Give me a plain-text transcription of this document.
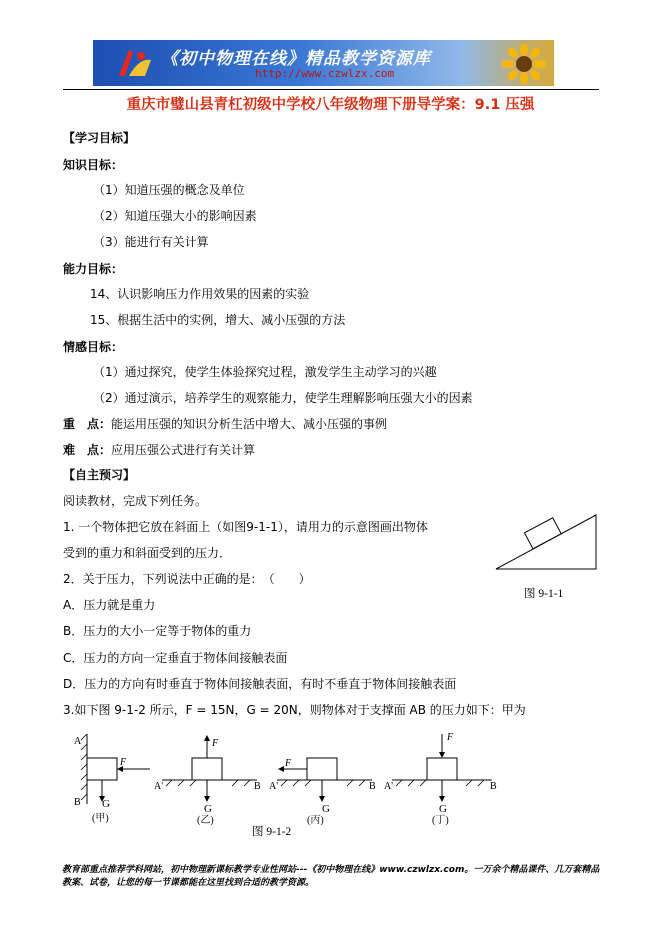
《初中物理在线》精品教学资源库
http://www.czwlzx.com
重庆市璧山县青杠初级中学校八年级物理下册导学案：9.1 压强
【学习目标】
知识目标：
（1）知道压强的概念及单位
（2）知道压强大小的影响因素
（3）能进行有关计算
能力目标：
14、认识影响压力作用效果的因素的实验
15、根据生活中的实例，增大、减小压强的方法
情感目标：
（1）通过探究，使学生体验探究过程，激发学生主动学习的兴趣
（2）通过演示，培养学生的观察能力，使学生理解影响压强大小的因素
重　点：能运用压强的知识分析生活中增大、减小压强的事例
难　点：应用压强公式进行有关计算
【自主预习】
阅读教材，完成下列任务。
1. 一个物体把它放在斜面上（如图9-1-1），请用力的示意图画出物体
受到的重力和斜面受到的压力．
图 9-1-1
2．关于压力，下列说法中正确的是：　（　　）
A．压力就是重力
B．压力的大小一定等于物体的重力
C．压力的方向一定垂直于物体间接触表面
D．压力的方向有时垂直于物体间接触表面，有时不垂直于物体间接触表面
3.如下图 9-1-2 所示，F = 15N，G = 20N，则物体对于支撑面 AB 的压力如下：甲为
A
B
F
G
(甲)
A'	B
F
G
(乙)
A'	B
F
G
(丙)
A'	B
F
G
(丁)
图 9-1-2
教育部重点推荐学科网站，初中物理新课标教学专业性网站---《初中物理在线》www.czwlzx.com。一万余个精品课件、几万套精品教案、试卷，让您的每一节课都能在这里找到合适的教学资源。
